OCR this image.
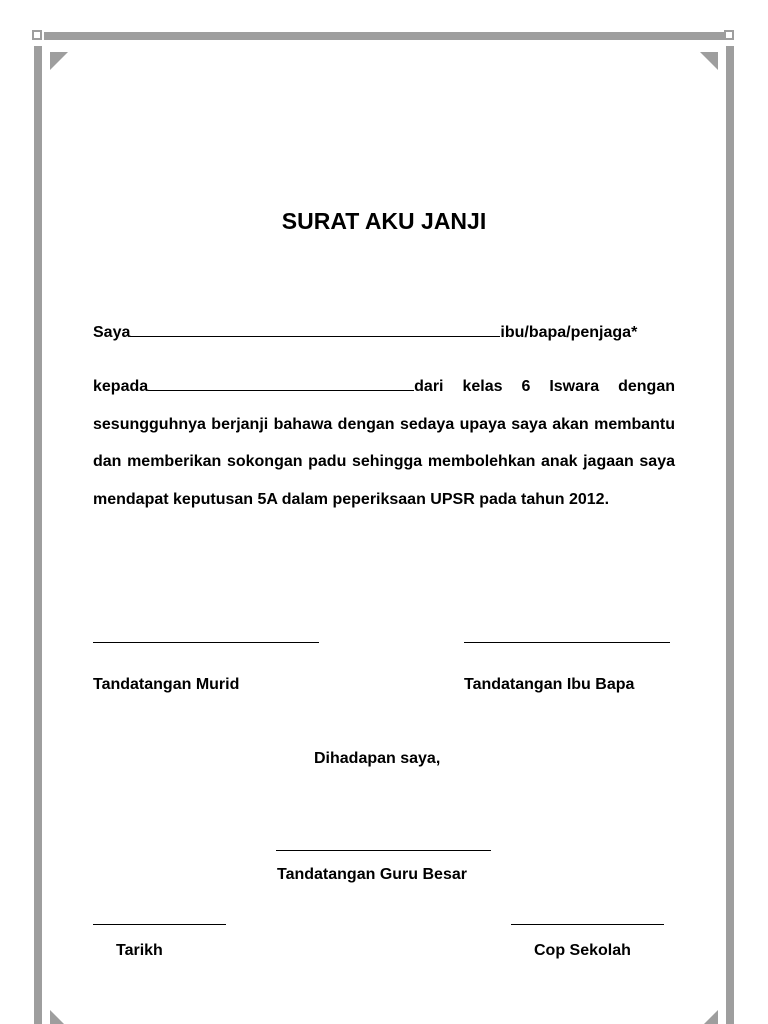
SURAT AKU JANJI
Saya	ibu/bapa/penjaga*
kepada	dari kelas 6 Iswara dengan sesungguhnya berjanji bahawa dengan sedaya upaya saya akan membantu dan memberikan sokongan padu sehingga membolehkan anak jagaan saya mendapat keputusan 5A dalam peperiksaan UPSR pada tahun 2012.
Tandatangan Murid	Tandatangan Ibu Bapa
Dihadapan saya,
Tandatangan Guru Besar
Tarikh	Cop Sekolah
